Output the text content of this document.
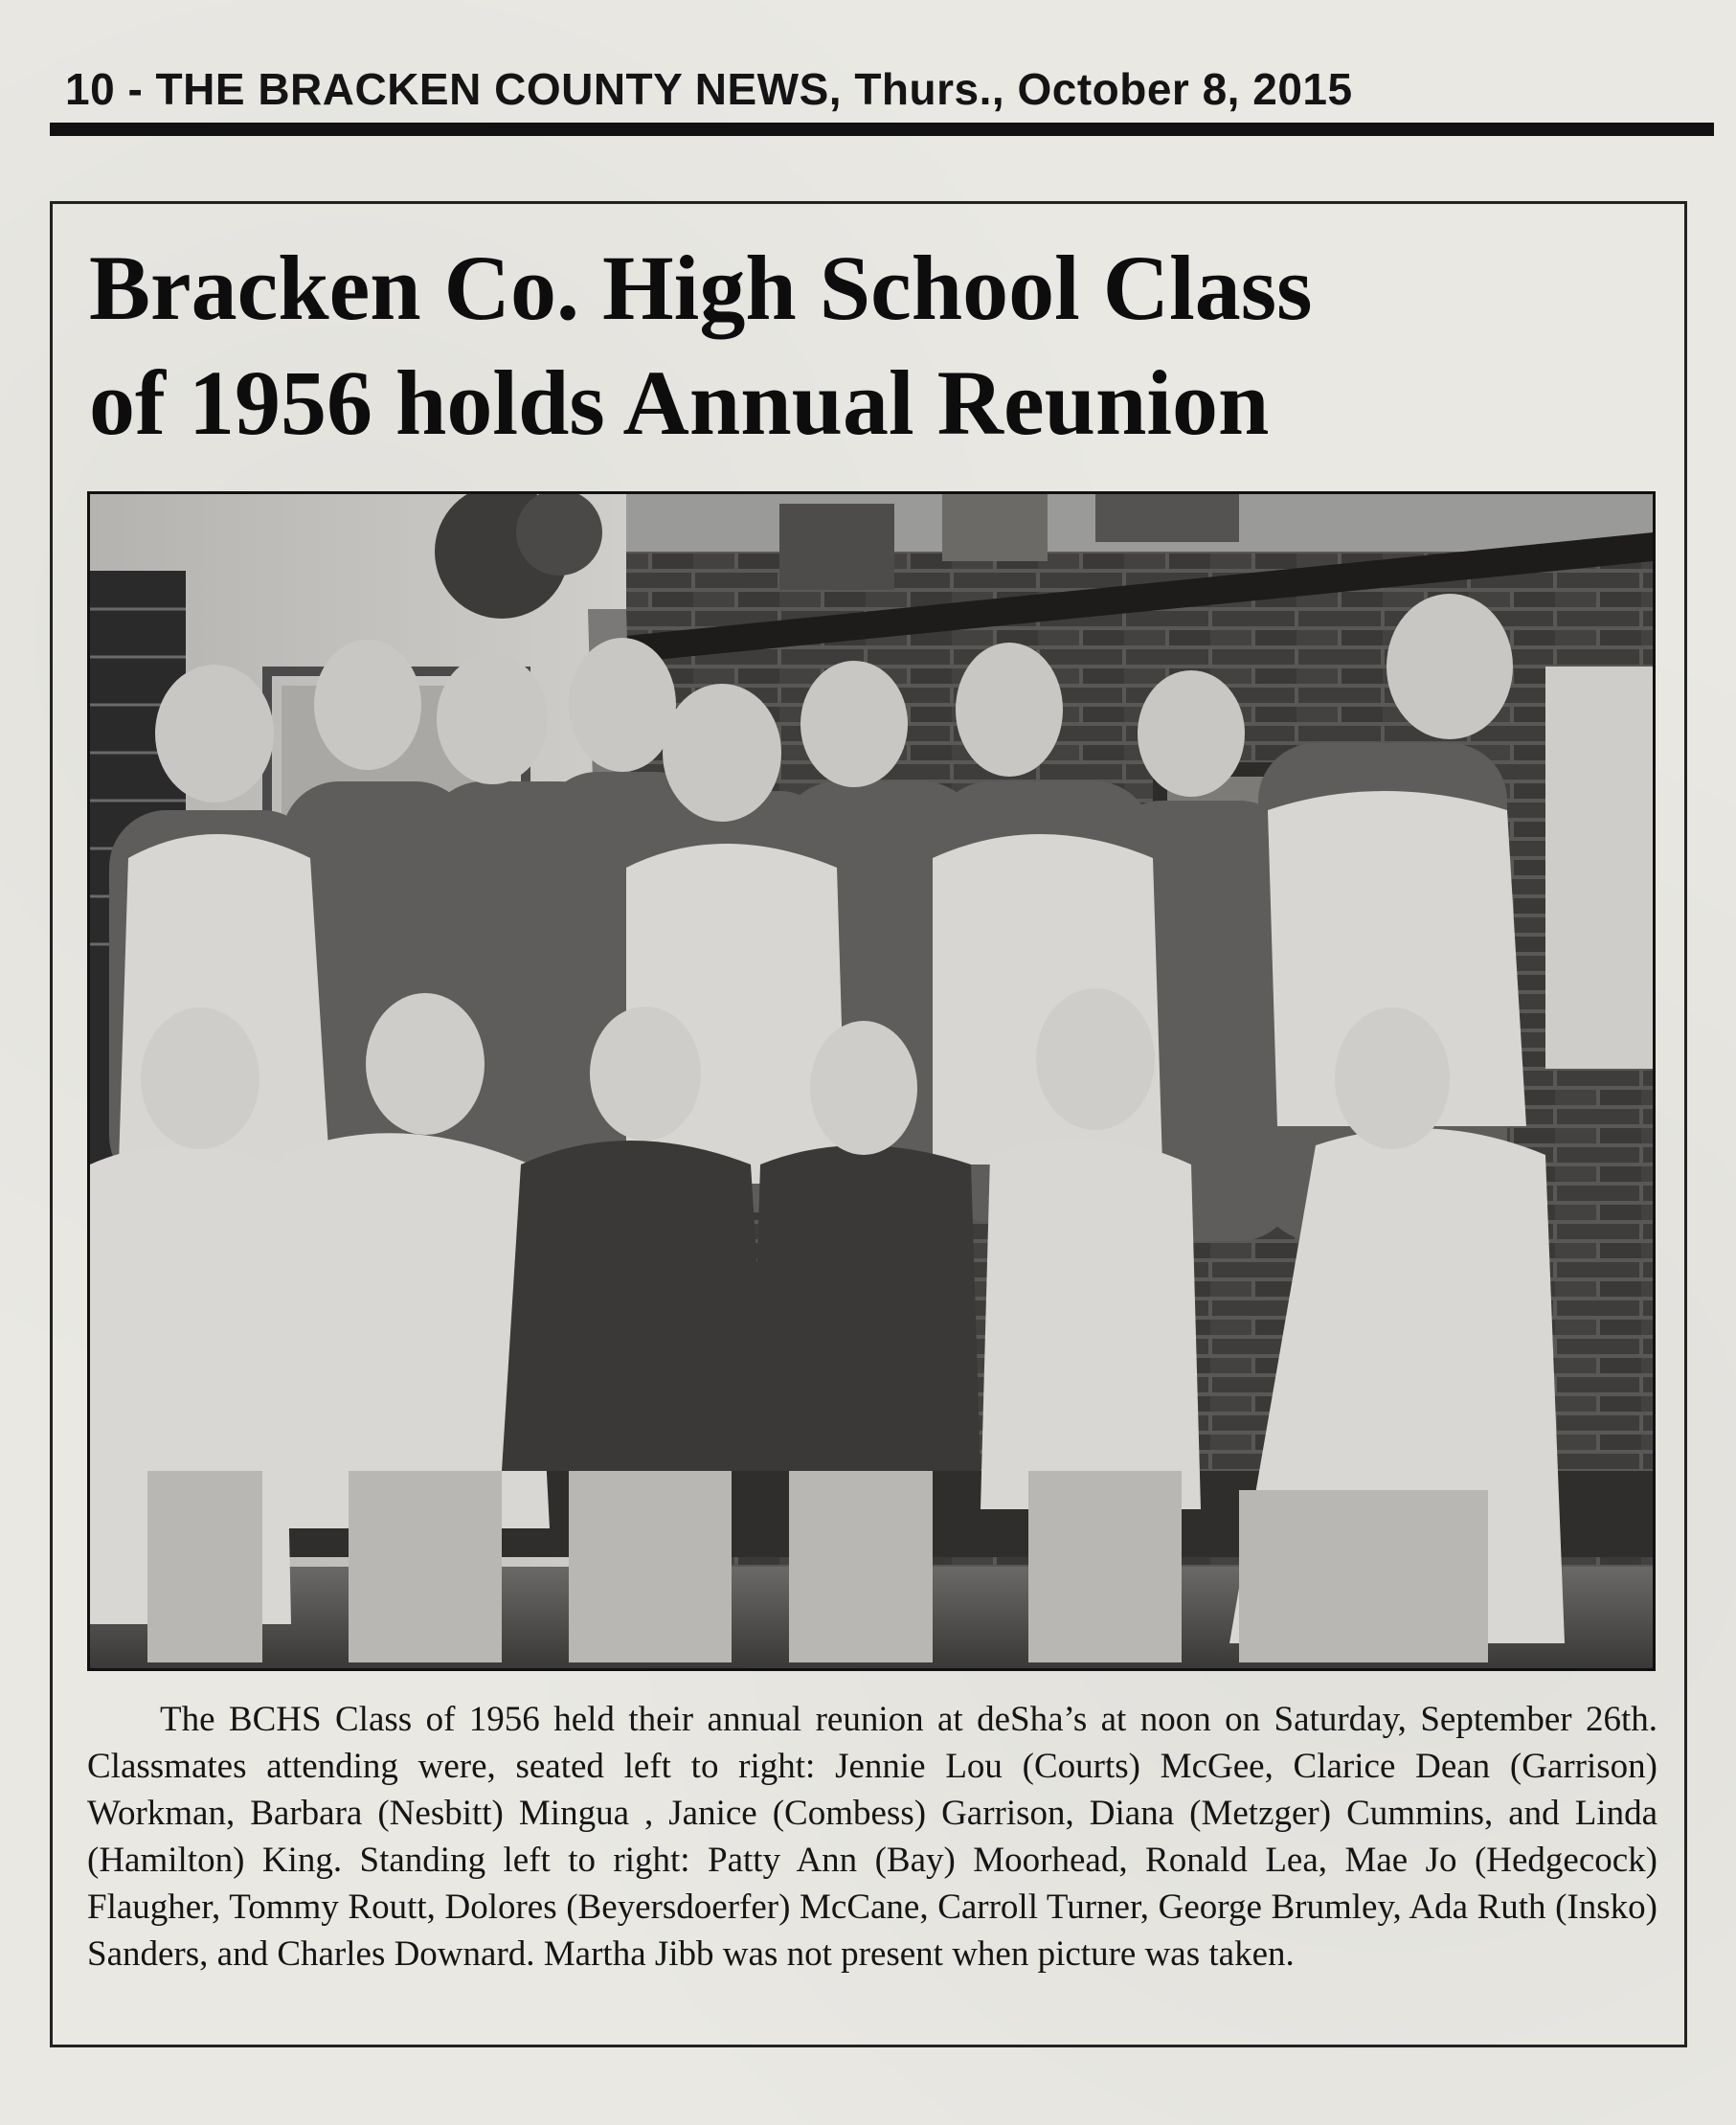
10 - THE BRACKEN COUNTY NEWS, Thurs., October 8, 2015
Bracken Co. High School Class
of 1956 holds Annual Reunion

The BCHS Class of 1956 held their annual reunion at deSha’s at noon on Saturday, September 26th. Classmates attending were, seated left to right: Jennie Lou (Courts) McGee, Clarice Dean (Garrison) Workman, Barbara (Nesbitt) Mingua , Janice (Combess) Garrison, Diana (Metzger) Cummins, and Linda (Hamilton) King. Standing left to right: Patty Ann (Bay) Moorhead, Ronald Lea, Mae Jo (Hedgecock) Flaugher, Tommy Routt, Dolores (Beyersdoerfer) McCane, Carroll Turner, George Brumley, Ada Ruth (Insko) Sanders, and Charles Downard. Martha Jibb was not present when picture was taken.
